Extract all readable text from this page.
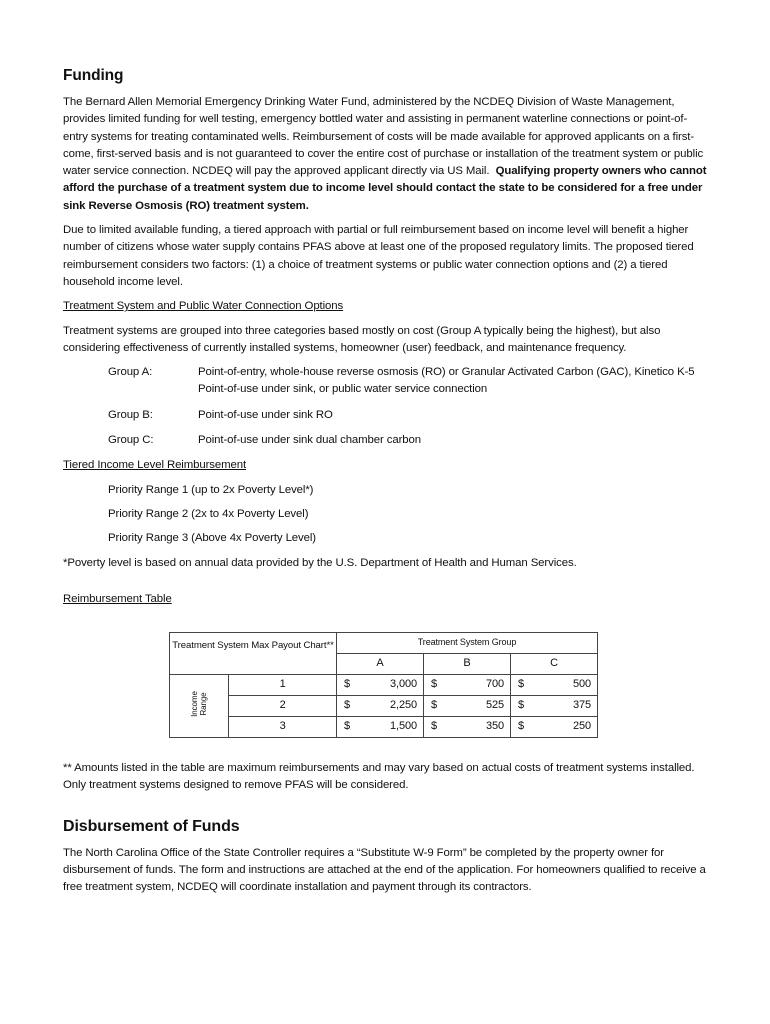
Funding

The Bernard Allen Memorial Emergency Drinking Water Fund, administered by the NCDEQ Division of Waste Management, provides limited funding for well testing, emergency bottled water and assisting in permanent waterline connections or point-of-entry systems for treating contaminated wells. Reimbursement of costs will be made available for approved applicants on a first-come, first-served basis and is not guaranteed to cover the entire cost of purchase or installation of the treatment system or public water service connection. NCDEQ will pay the approved applicant directly via US Mail. Qualifying property owners who cannot afford the purchase of a treatment system due to income level should contact the state to be considered for a free under sink Reverse Osmosis (RO) treatment system.

Due to limited available funding, a tiered approach with partial or full reimbursement based on income level will benefit a higher number of citizens whose water supply contains PFAS above at least one of the proposed regulatory limits. The proposed tiered reimbursement considers two factors: (1) a choice of treatment systems or public water connection options and (2) a tiered household income level.

Treatment System and Public Water Connection Options

Treatment systems are grouped into three categories based mostly on cost (Group A typically being the highest), but also considering effectiveness of currently installed systems, homeowner (user) feedback, and maintenance frequency.

Group A:	Point-of-entry, whole-house reverse osmosis (RO) or Granular Activated Carbon (GAC), Kinetico K-5 Point-of-use under sink, or public water service connection
Group B:	Point-of-use under sink RO
Group C:	Point-of-use under sink dual chamber carbon
Tiered Income Level Reimbursement
Priority Range 1 (up to 2x Poverty Level*)
Priority Range 2 (2x to 4x Poverty Level)
Priority Range 3 (Above 4x Poverty Level)

*Poverty level is based on annual data provided by the U.S. Department of Health and Human Services.

Reimbursement Table
Treatment System Max Payout Chart**		Treatment System Group		
		A	B	C
Income
Range	1	$ 3,000	$ 700	$ 500

	2	$ 2,250	$ 525	$ 375

	3	$ 1,500	$ 350	$ 250

** Amounts listed in the table are maximum reimbursements and may vary based on actual costs of treatment systems installed. Only treatment systems designed to remove PFAS will be considered.

Disbursement of Funds

The North Carolina Office of the State Controller requires a “Substitute W-9 Form” be completed by the property owner for disbursement of funds. The form and instructions are attached at the end of the application. For homeowners qualified to receive a free treatment system, NCDEQ will coordinate installation and payment through its contractors.
